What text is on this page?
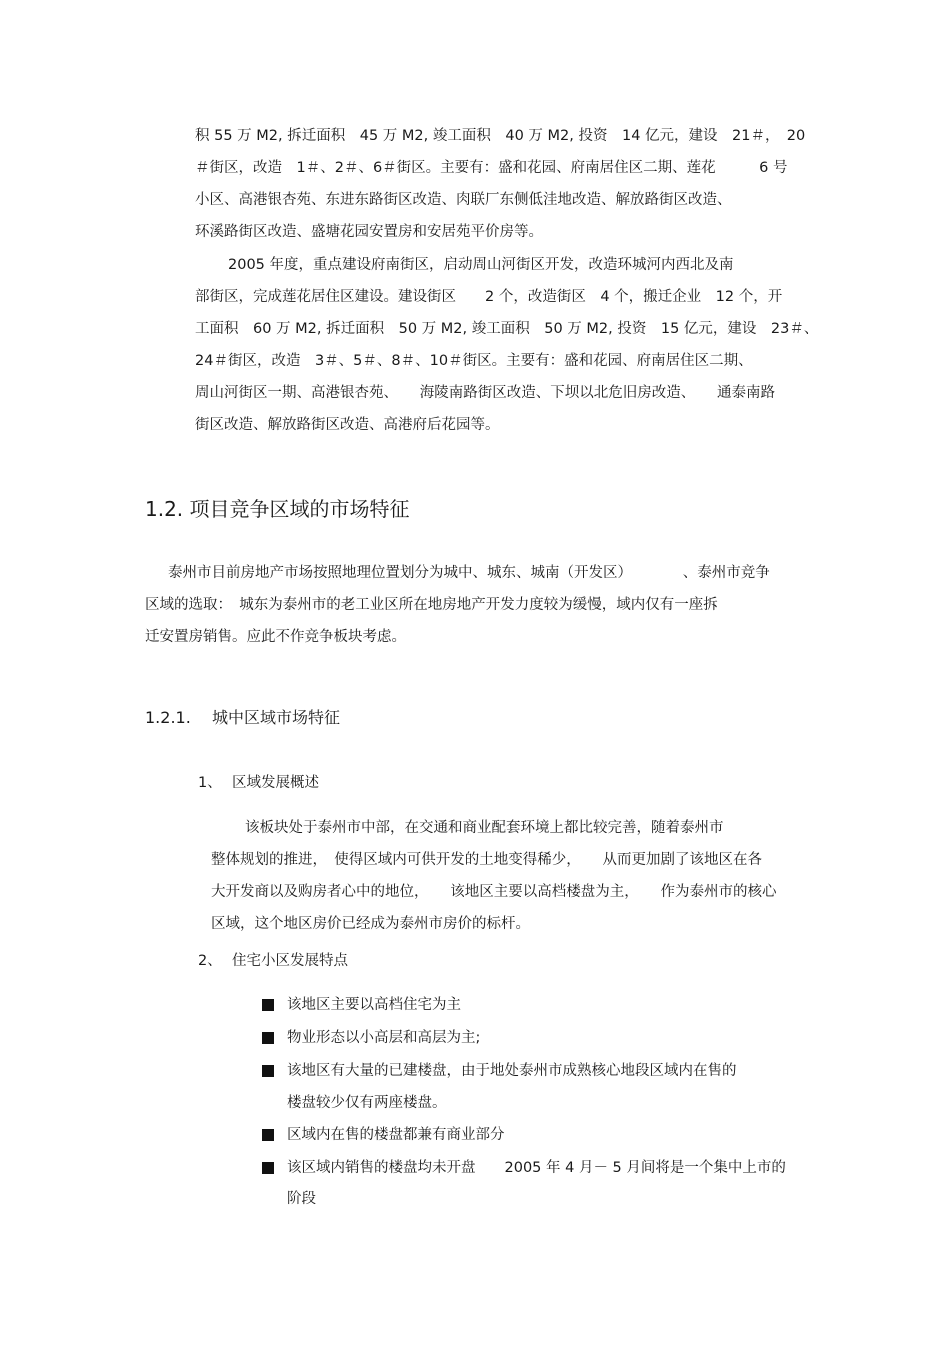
积 55 万 M2, 拆迁面积　45 万 M2, 竣工面积　40 万 M2, 投资　14 亿元，建设　21＃，　20
＃街区，改造　1＃、2＃、6＃街区。主要有：盛和花园、府南居住区二期、莲花　　　6 号
小区、高港银杏苑、东进东路街区改造、肉联厂东侧低洼地改造、解放路街区改造、
环溪路街区改造、盛塘花园安置房和安居苑平价房等。
2005 年度，重点建设府南街区，启动周山河街区开发，改造环城河内西北及南
部街区，完成莲花居住区建设。建设街区　　2 个，改造街区　4 个，搬迁企业　12 个，开
工面积　60 万 M2, 拆迁面积　50 万 M2, 竣工面积　50 万 M2, 投资　15 亿元，建设　23＃、
24＃街区，改造　3＃、5＃、8＃、10＃街区。主要有：盛和花园、府南居住区二期、
周山河街区一期、高港银杏苑、　　海陵南路街区改造、下坝以北危旧房改造、　　通泰南路
街区改造、解放路街区改造、高港府后花园等。
1.2. 项目竞争区域的市场特征
泰州市目前房地产市场按照地理位置划分为城中、城东、城南（开发区）　　　　、泰州市竞争
区域的选取：　城东为泰州市的老工业区所在地房地产开发力度较为缓慢，域内仅有一座拆
迁安置房销售。应此不作竞争板块考虑。
1.2.1. 城中区域市场特征
1、 区域发展概述
该板块处于泰州市中部，在交通和商业配套环境上都比较完善，随着泰州市
整体规划的推进，　使得区域内可供开发的土地变得稀少，　　从而更加剧了该地区在各
大开发商以及购房者心中的地位，　　该地区主要以高档楼盘为主，　　作为泰州市的核心
区域，这个地区房价已经成为泰州市房价的标杆。
2、 住宅小区发展特点
该地区主要以高档住宅为主
物业形态以小高层和高层为主;
该地区有大量的已建楼盘，由于地处泰州市成熟核心地段区域内在售的
楼盘较少仅有两座楼盘。
区域内在售的楼盘都兼有商业部分
该区域内销售的楼盘均未开盘　　2005 年 4 月－ 5 月间将是一个集中上市的
阶段
